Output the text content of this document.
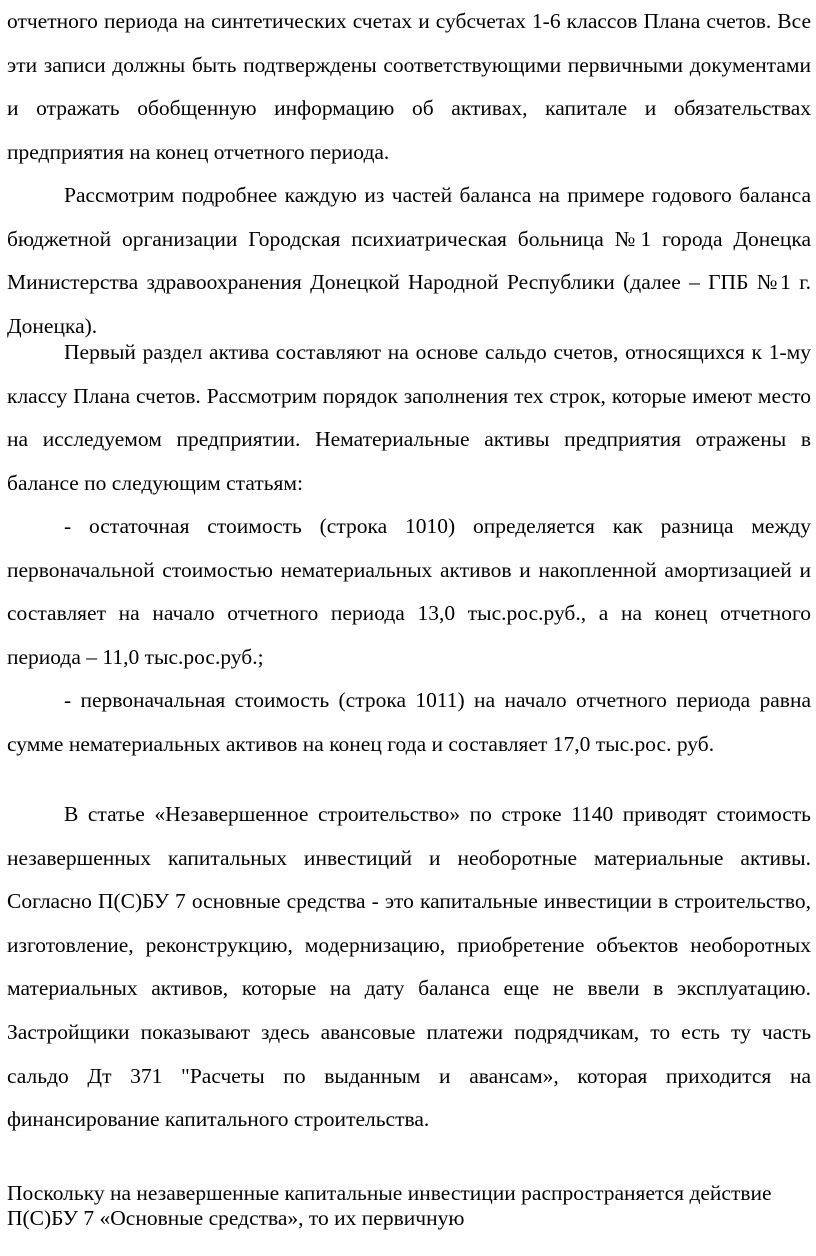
отчетного периода на синтетических счетах и субсчетах 1-6 классов Плана счетов. Все эти записи должны быть подтверждены соответствующими первичными документами и отражать обобщенную информацию об активах, капитале и обязательствах предприятия на конец отчетного периода.

Рассмотрим подробнее каждую из частей баланса на примере годового баланса бюджетной организации Городская психиатрическая больница №1 города Донецка Министерства здравоохранения Донецкой Народной Республики (далее – ГПБ №1 г. Донецка).

Первый раздел актива составляют на основе сальдо счетов, относящихся к 1-му классу Плана счетов. Рассмотрим порядок заполнения тех строк, которые имеют место на исследуемом предприятии. Нематериальные активы предприятия отражены в балансе по следующим статьям:

- остаточная стоимость (строка 1010) определяется как разница между первоначальной стоимостью нематериальных активов и накопленной амортизацией и составляет на начало отчетного периода 13,0 тыс.рос.руб., а на конец отчетного периода – 11,0 тыс.рос.руб.;

- первоначальная стоимость (строка 1011) на начало отчетного периода равна сумме нематериальных активов на конец года и составляет 17,0 тыс.рос. руб.

В статье «Незавершенное строительство» по строке 1140 приводят стоимость незавершенных капитальных инвестиций и необоротные материальные активы. Согласно П(С)БУ 7 основные средства - это капитальные инвестиции в строительство, изготовление, реконструкцию, модернизацию, приобретение объектов необоротных материальных активов, которые на дату баланса еще не ввели в эксплуатацию. Застройщики показывают здесь авансовые платежи подрядчикам, то есть ту часть сальдо Дт 371 "Расчеты по выданным и авансам», которая приходится на финансирование капитального строительства.

Поскольку на незавершенные капитальные инвестиции распространяется действие П(С)БУ 7 «Основные средства», то их первичную
